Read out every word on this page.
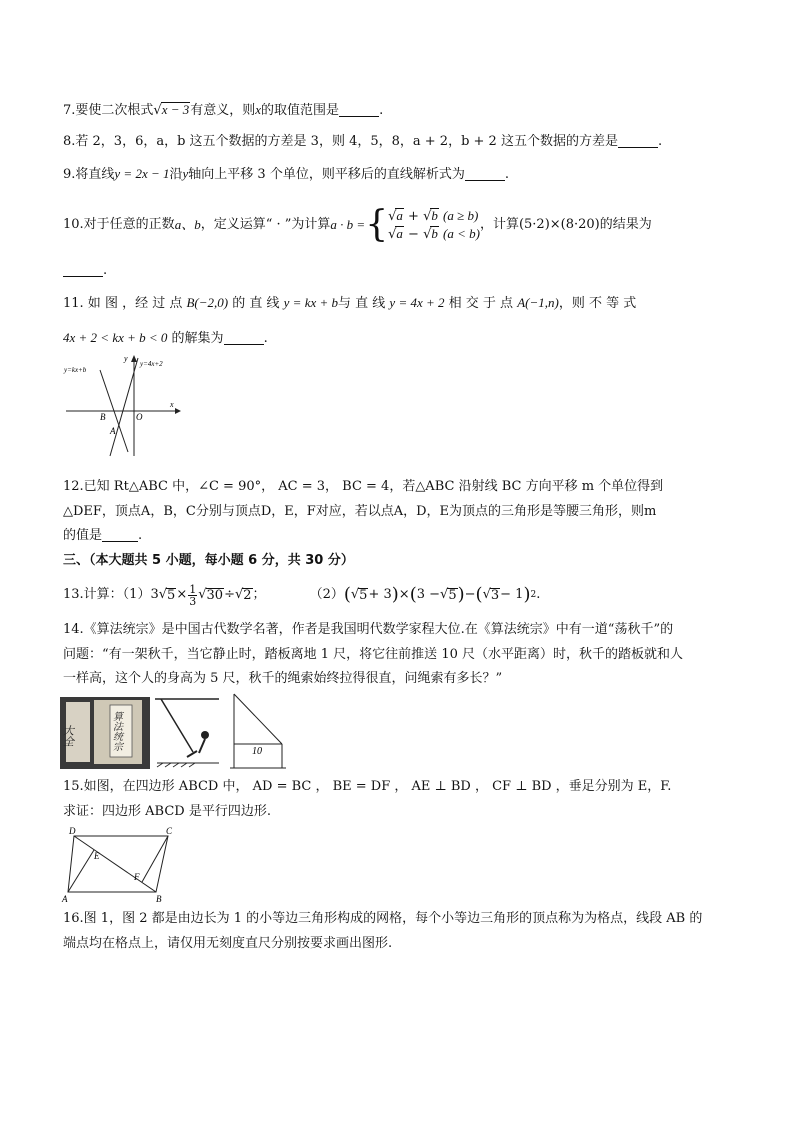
7.要使二次根式√x − 3有意义，则x的取值范围是	.
8.若 2，3，6，a，b 这五个数据的方差是 3，则 4，5，8，a + 2，b + 2 这五个数据的方差是	.
9.将直线y = 2x − 1沿y轴向上平移 3 个单位，则平移后的直线解析式为	.
10.对于任意的正数 a、b ，定义运算“ · ”为计算 a · b = { √a + √b (a ≥ b)
√a − √b (a < b)
，计算 (5·2)×(8·20) 的结果为
.
11. 如 图 ，经 过 点 B(−2,0) 的 直 线 y = kx + b与 直 线 y = 4x + 2 相 交 于 点 A(−1,n)，则 不 等 式
4x + 2 < kx + b < 0 的解集为	.
y=kx+b
y=4x+2
y
x
B	O
A
12.已知 Rt△ABC 中，∠C = 90°， AC = 3， BC = 4，若△ABC 沿射线 BC 方向平移 m 个单位得到
△DEF，顶点A，B，C分别与顶点D，E，F对应，若以点A，D，E为顶点的三角形是等腰三角形，则m
的值是	.
三、（本大题共 5 小题，每小题 6 分，共 30 分）
13.计算：（1） 3 √ $5 \times \frac{1}{3}$ √ 30 ÷ √ 2 ；	（2） ( √ 5 + 3 ) × ( 3 − √ 5 ) − ( √ 3 − 1 ) 2 .
14.《算法统宗》是中国古代数学名著，作者是我国明代数学家程大位.在《算法统宗》中有一道“荡秋千”的
问题：“有一架秋千，当它静止时，踏板离地 1 尺，将它往前推送 10 尺（水平距离）时，秋千的踏板就和人
一样高，这个人的身高为 5 尺，秋千的绳索始终拉得很直，问绳索有多长？”
大全	算法统宗
10
15.如图，在四边形 ABCD 中， AD = BC ， BE = DF ， AE ⊥ BD ， CF ⊥ BD ，垂足分别为 E，F.
求证：四边形 ABCD 是平行四边形.
D	C
E
F
A	B
16.图 1，图 2 都是由边长为 1 的小等边三角形构成的网格，每个小等边三角形的顶点称为为格点，线段 AB 的
端点均在格点上，请仅用无刻度直尺分别按要求画出图形.
